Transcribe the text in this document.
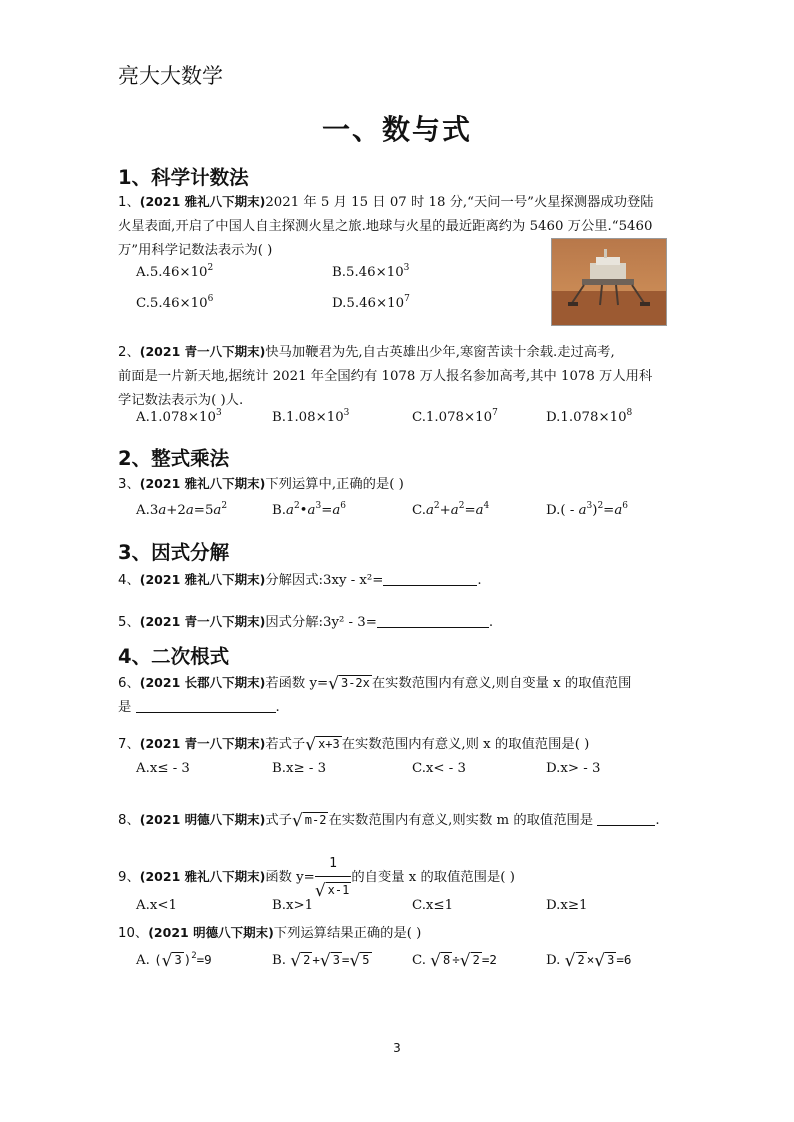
亮大大数学
一、数与式
1、科学计数法
1、(2021 雅礼八下期末)2021 年 5 月 15 日 07 时 18 分,“天问一号”火星探测器成功登陆
火星表面,开启了中国人自主探测火星之旅.地球与火星的最近距离约为 5460 万公里.“5460
万”用科学记数法表示为( )
$A.5.46\times 10^2$	$B.5.46\times 10^3$
$C.5.46\times 10^6$	$D.5.46\times 10^7$
2、(2021 青一八下期末)快马加鞭君为先,自古英雄出少年,寒窗苦读十余载.走过高考,
前面是一片新天地,据统计 2021 年全国约有 1078 万人报名参加高考,其中 1078 万人用科
学记数法表示为( )人.
$A.1.078\times 10^3$	$B.1.08\times 10^3$	$C.1.078\times 10^7$	$D.1.078\times 10^8$
2、整式乘法
3、(2021 雅礼八下期末)下列运算中,正确的是( )
$A.3a+2a=5a^2$	$B.a^2•a^3=a^6$	$C.a^2+a^2=a^4$	$D.( - a^3)^2=a^6$
3、因式分解
4、(2021 雅礼八下期末)分解因式:3xy - x²=	.
5、(2021 青一八下期末)因式分解:3y² - 3=	.
4、二次根式
6、(2021 长郡八下期末)若函数 y=√ 3-2x 在实数范围内有意义,则自变量 x 的取值范围
是	.
7、(2021 青一八下期末)若式子√ x+3 在实数范围内有意义,则 x 的取值范围是( )
A.x≤ - 3	B.x≥ - 3	C.x< - 3	D.x> - 3
8、(2021 明德八下期末)式子√ m-2 在实数范围内有意义,则实数 m 的取值范围是	.
9、(2021 雅礼八下期末)函数 $y= \frac{1}{√ x-1}$ 的自变量 x 的取值范围是( )
A.x<1	B.x>1	C.x≤1	D.x≥1
10、(2021 明德八下期末)下列运算结果正确的是( )
A. (√ 3 )$^2$=9	B. √ 2 +√ 3 =√ 5	C. √ 8 ÷√ 2 =2	D. √ 2 ×√ 3 =6
3
